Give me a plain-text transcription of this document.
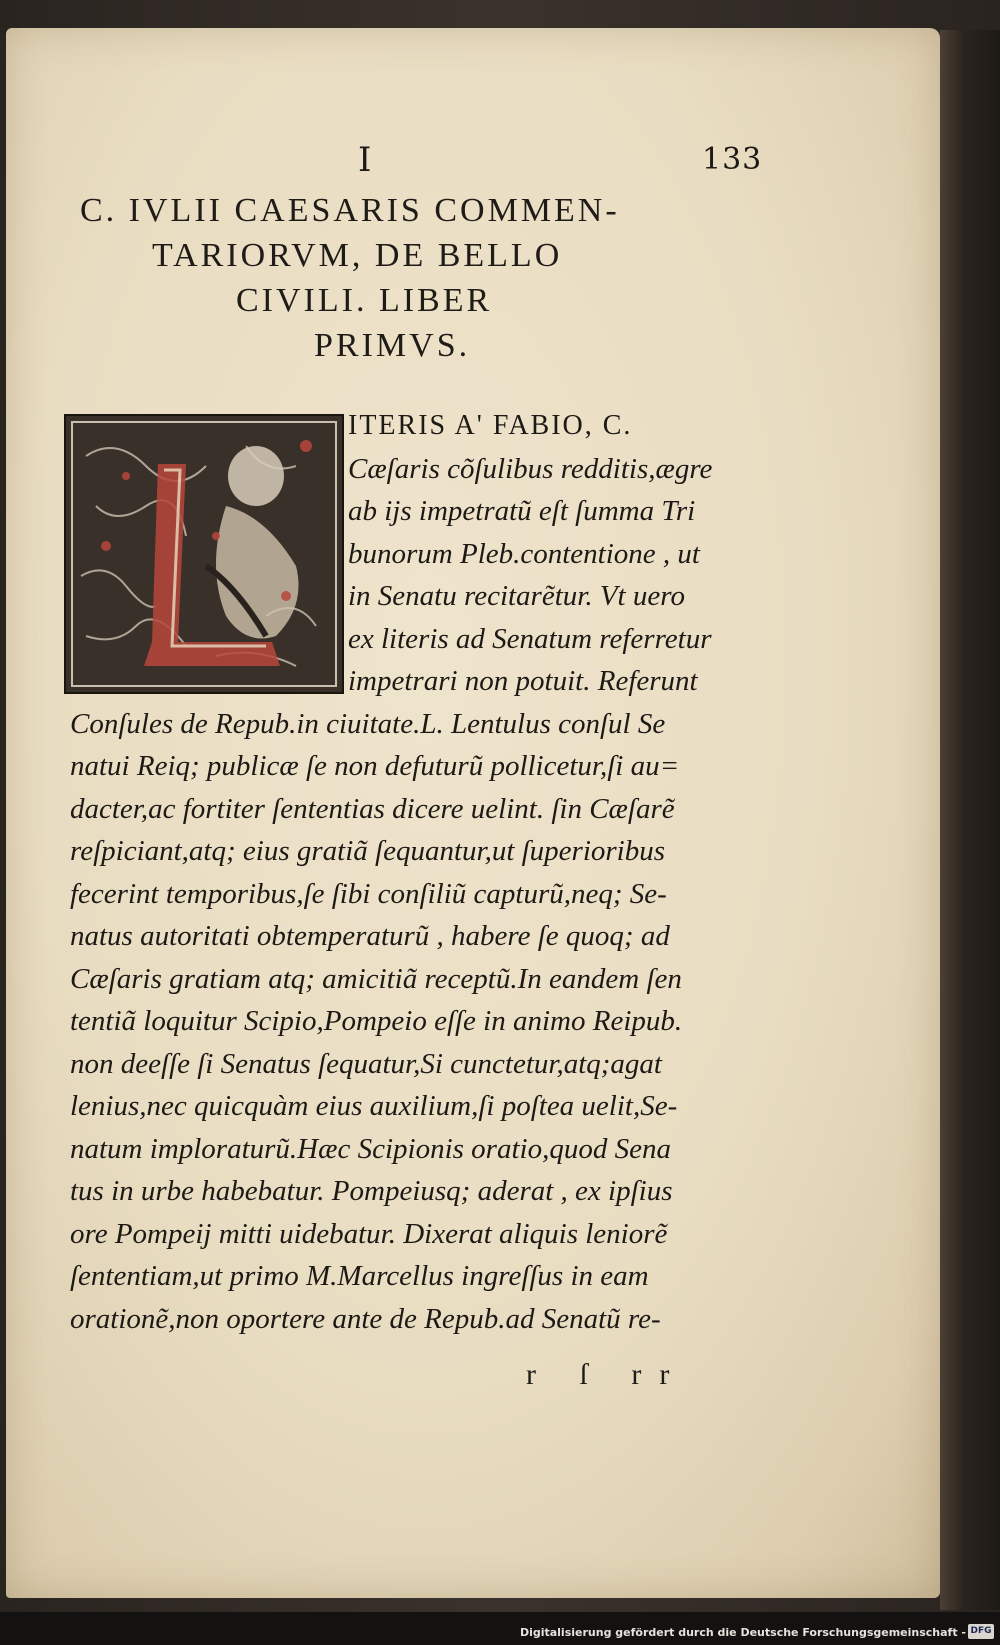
I	133
C. IVLII CAESARIS COMMEN-
TARIORVM, DE BELLO
CIVILI. LIBER
PRIMVS.
ITERIS A' FABIO, C.
Cæſaris cõſulibus redditis,ægre
ab ijs impetratũ eſt ſumma Tri
bunorum Pleb.contentione , ut
in Senatu recitarẽtur. Vt uero
ex literis ad Senatum referretur
impetrari non potuit. Referunt
Conſules de Repub.in ciuitate.L. Lentulus conſul Se
natui Reiq; publicæ ſe non defuturũ pollicetur,ſi au=
dacter,ac fortiter ſententias dicere uelint. ſin Cæſarẽ
reſpiciant,atq; eius gratiã ſequantur,ut ſuperioribus
fecerint temporibus,ſe ſibi conſiliũ capturũ,neq; Se-
natus autoritati obtemperaturũ , habere ſe quoq; ad
Cæſaris gratiam atq; amicitiã receptũ.In eandem ſen
tentiã loquitur Scipio,Pompeio eſſe in animo Reipub.
non deeſſe ſi Senatus ſequatur,Si cunctetur,atq;agat
lenius,nec quicquàm eius auxilium,ſi poſtea uelit,Se-
natum imploraturũ.Hæc Scipionis oratio,quod Sena
tus in urbe habebatur. Pompeiusq; aderat , ex ipſius
ore Pompeij mitti uidebatur. Dixerat aliquis leniorẽ
ſententiam,ut primo M.Marcellus ingreſſus in eam
orationẽ,non oportere ante de Repub.ad Senatũ re-
r ſ rr
Digitalisierung gefördert durch die Deutsche Forschungsgemeinschaft - DFG
